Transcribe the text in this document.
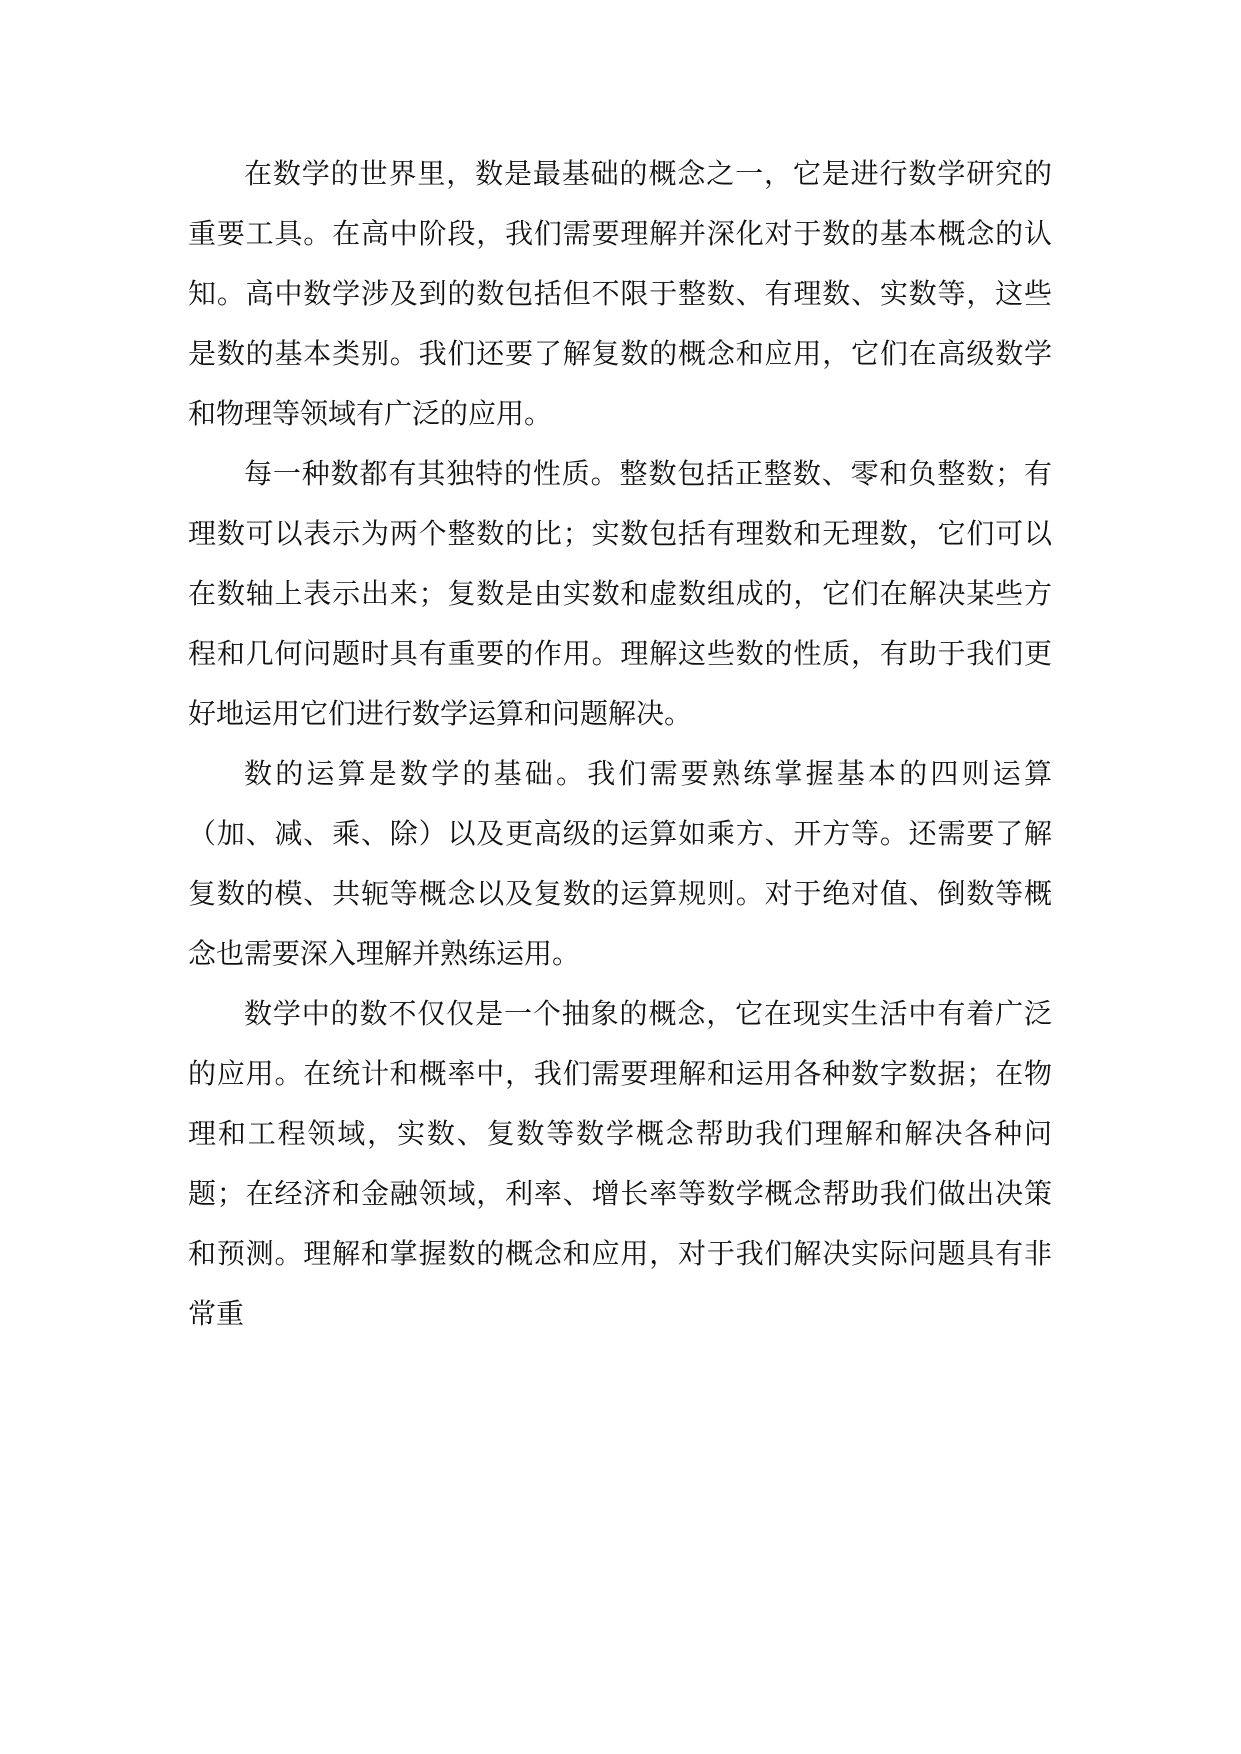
在数学的世界里，数是最基础的概念之一，它是进行数学研究的重要工具。在高中阶段，我们需要理解并深化对于数的基本概念的认知。高中数学涉及到的数包括但不限于整数、有理数、实数等，这些是数的基本类别。我们还要了解复数的概念和应用，它们在高级数学和物理等领域有广泛的应用。

每一种数都有其独特的性质。整数包括正整数、零和负整数；有理数可以表示为两个整数的比；实数包括有理数和无理数，它们可以在数轴上表示出来；复数是由实数和虚数组成的，它们在解决某些方程和几何问题时具有重要的作用。理解这些数的性质，有助于我们更好地运用它们进行数学运算和问题解决。

数的运算是数学的基础。我们需要熟练掌握基本的四则运算（加、减、乘、除）以及更高级的运算如乘方、开方等。还需要了解复数的模、共轭等概念以及复数的运算规则。对于绝对值、倒数等概念也需要深入理解并熟练运用。

数学中的数不仅仅是一个抽象的概念，它在现实生活中有着广泛的应用。在统计和概率中，我们需要理解和运用各种数字数据；在物理和工程领域，实数、复数等数学概念帮助我们理解和解决各种问题；在经济和金融领域，利率、增长率等数学概念帮助我们做出决策和预测。理解和掌握数的概念和应用，对于我们解决实际问题具有非常重
